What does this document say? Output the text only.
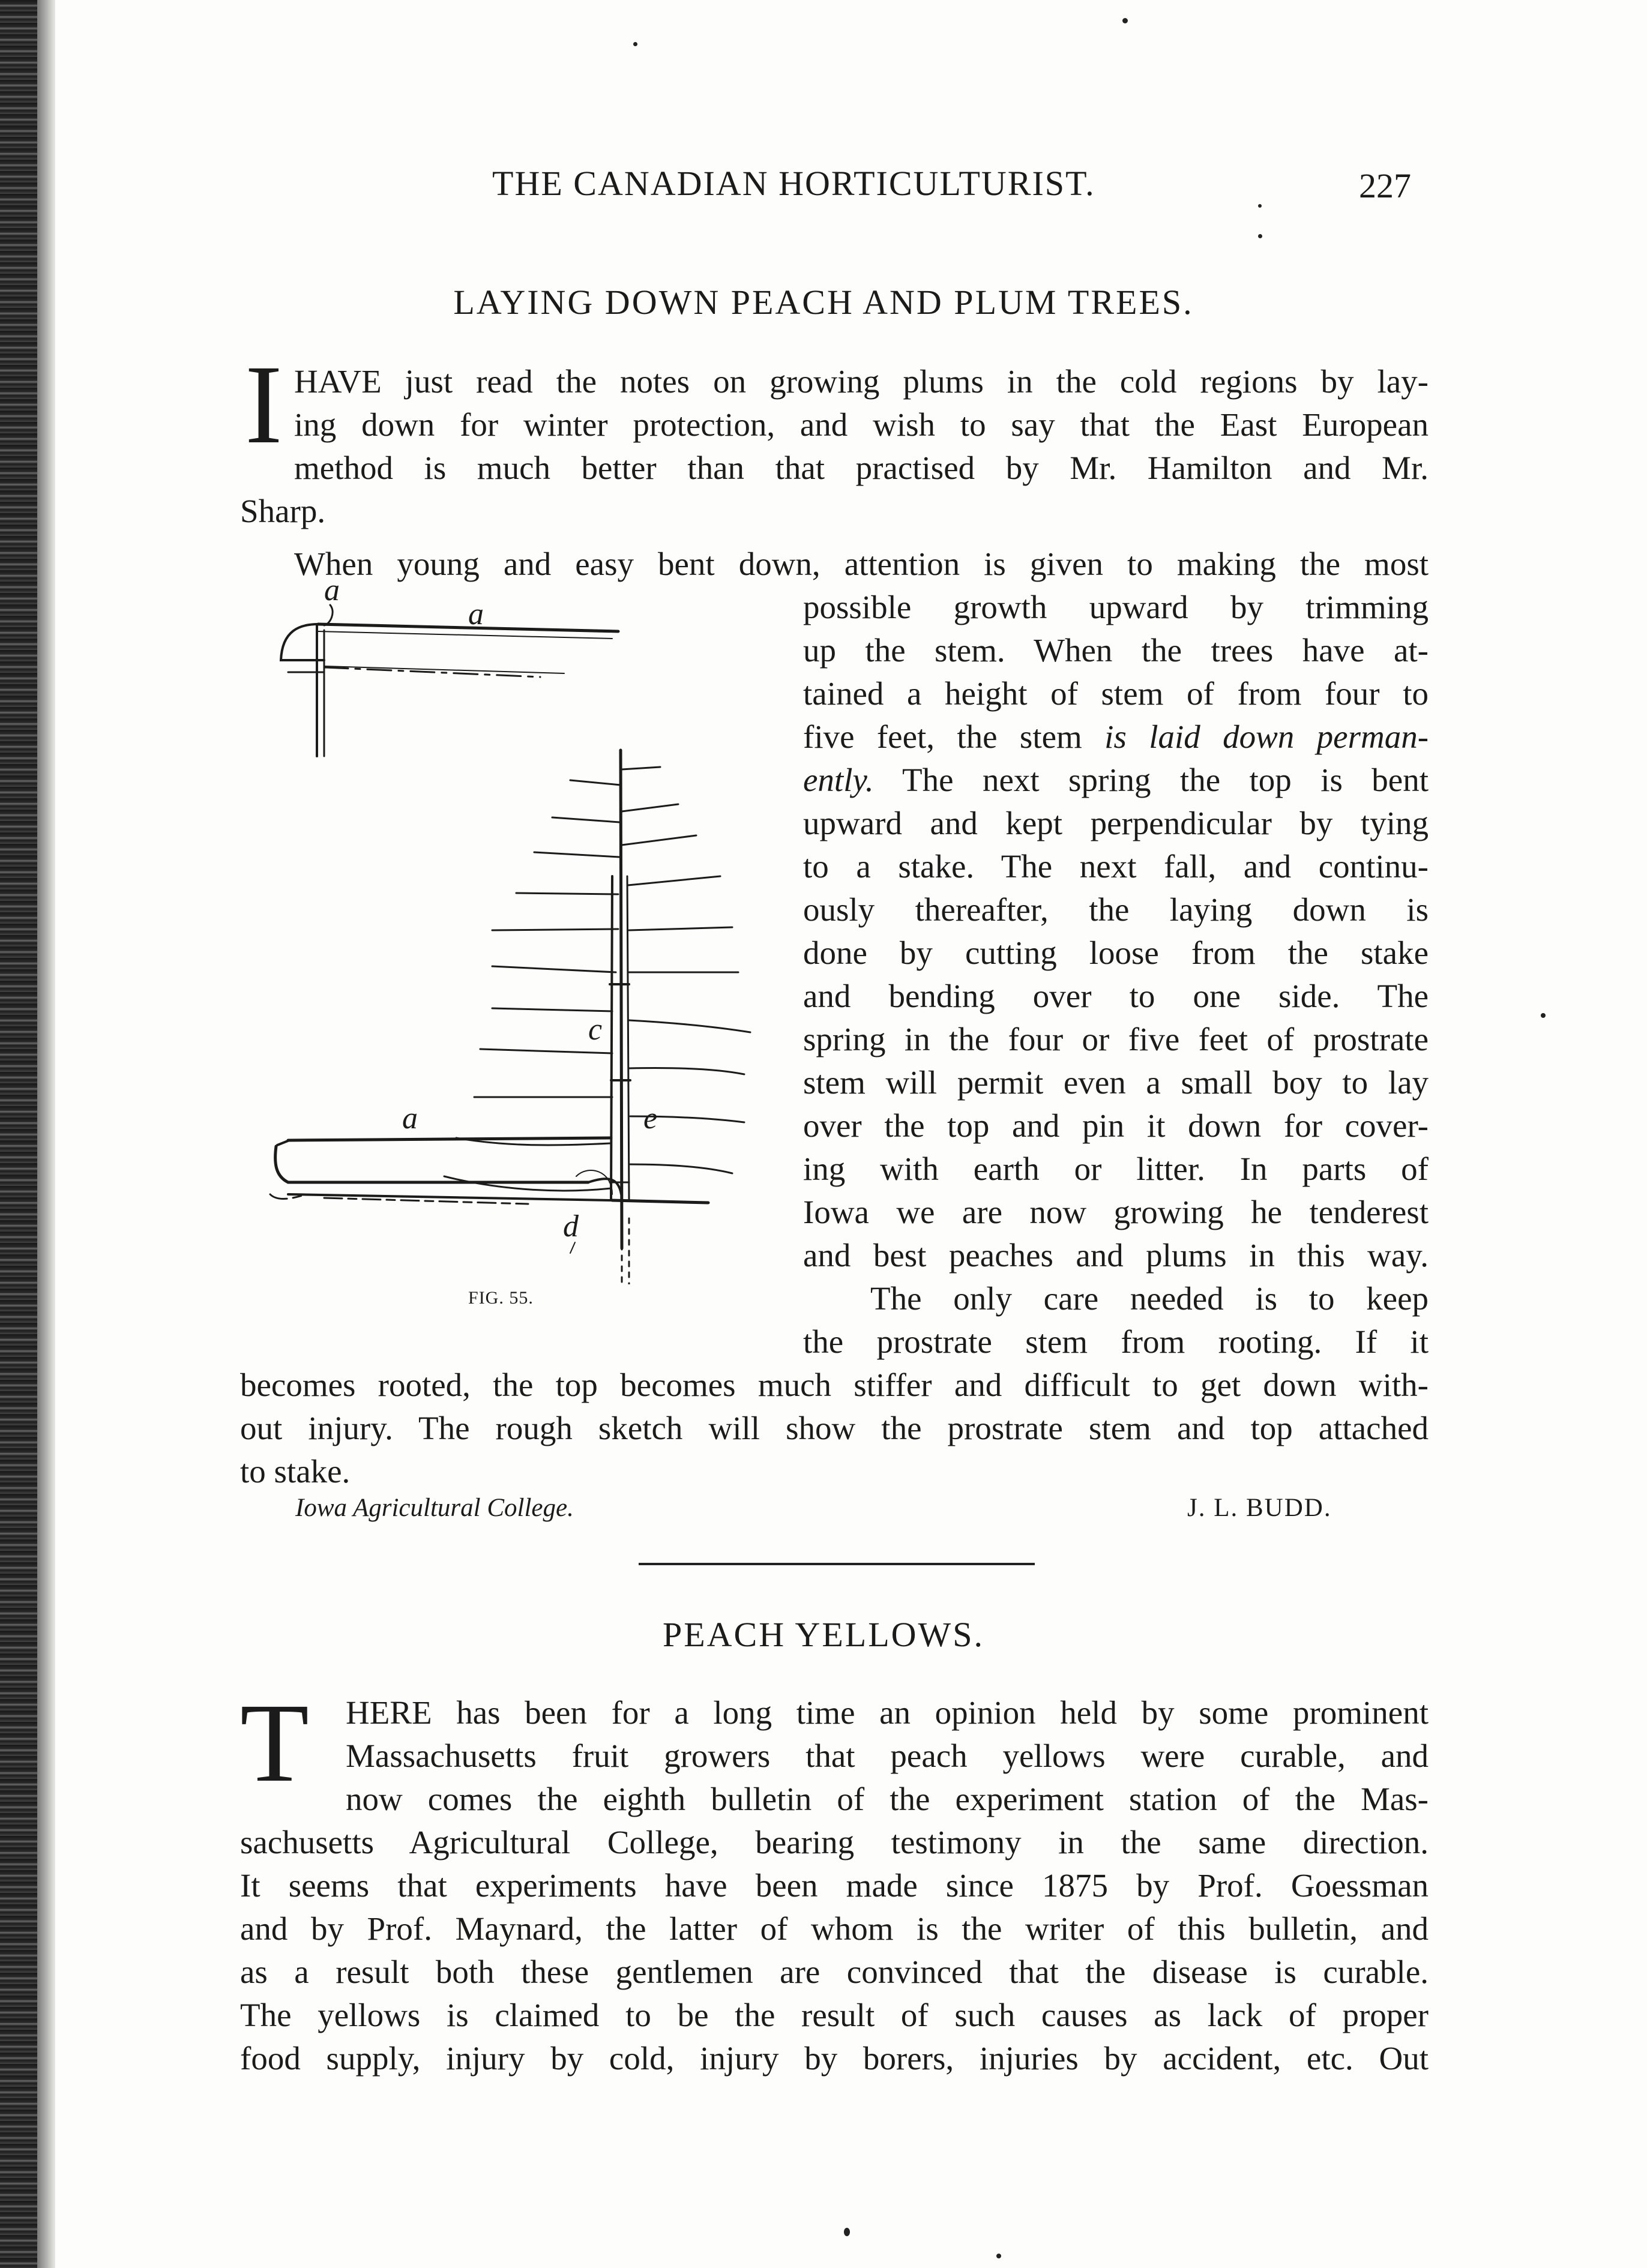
THE CANADIAN HORTICULTURIST.	227
LAYING DOWN PEACH AND PLUM TREES.
I HAVE just read the notes on growing plums in the cold regions by lay-
ing down for winter protection, and wish to say that the East European
method is much better than that practised by Mr. Hamilton and Mr.
Sharp.
When young and easy bent down, attention is given to making the most
possible growth upward by trimming
up the stem. When the trees have at-
tained a height of stem of from four to
five feet, the stem is laid down perman-
ently. The next spring the top is bent
upward and kept perpendicular by tying
to a stake. The next fall, and continu-
ously thereafter, the laying down is
done by cutting loose from the stake
and bending over to one side. The
spring in the four or five feet of prostrate
stem will permit even a small boy to lay
over the top and pin it down for cover-
ing with earth or litter. In parts of
Iowa we are now growing he tenderest
and best peaches and plums in this way.
The only care needed is to keep
the prostrate stem from rooting. If it
becomes rooted, the top becomes much stiffer and difficult to get down with-
out injury. The rough sketch will show the prostrate stem and top attached
to stake.
a
a
c
e
a
d
FIG. 55.
Iowa Agricultural College.	J. L. BUDD.
PEACH YELLOWS.
T HERE has been for a long time an opinion held by some prominent
Massachusetts fruit growers that peach yellows were curable, and
now comes the eighth bulletin of the experiment station of the Mas-
sachusetts Agricultural College, bearing testimony in the same direction.
It seems that experiments have been made since 1875 by Prof. Goessman
and by Prof. Maynard, the latter of whom is the writer of this bulletin, and
as a result both these gentlemen are convinced that the disease is curable.
The yellows is claimed to be the result of such causes as lack of proper
food supply, injury by cold, injury by borers, injuries by accident, etc. Out
